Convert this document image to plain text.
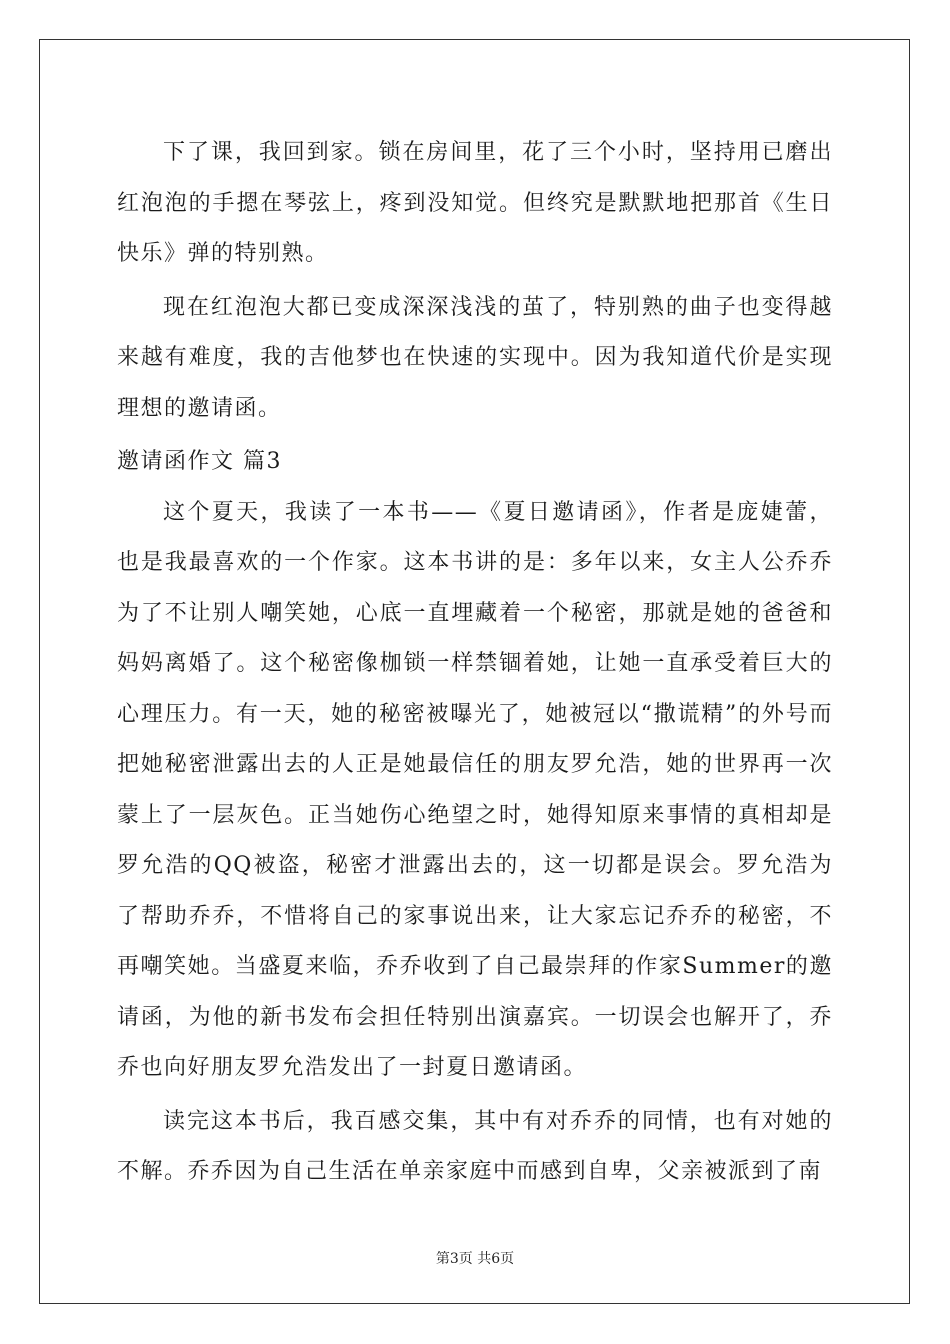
下了课，我回到家。锁在房间里，花了三个小时，坚持用已磨出红泡泡的手摁在琴弦上，疼到没知觉。但终究是默默地把那首《生日快乐》弹的特别熟。

现在红泡泡大都已变成深深浅浅的茧了，特别熟的曲子也变得越来越有难度，我的吉他梦也在快速的实现中。因为我知道代价是实现理想的邀请函。

邀请函作文 篇3

这个夏天，我读了一本书——《夏日邀请函》，作者是庞婕蕾，也是我最喜欢的一个作家。这本书讲的是：多年以来，女主人公乔乔为了不让别人嘲笑她，心底一直埋藏着一个秘密，那就是她的爸爸和妈妈离婚了。这个秘密像枷锁一样禁锢着她，让她一直承受着巨大的心理压力。有一天，她的秘密被曝光了，她被冠以“撒谎精”的外号而把她秘密泄露出去的人正是她最信任的朋友罗允浩，她的世界再一次蒙上了一层灰色。正当她伤心绝望之时，她得知原来事情的真相却是罗允浩的QQ被盗，秘密才泄露出去的，这一切都是误会。罗允浩为了帮助乔乔，不惜将自己的家事说出来，让大家忘记乔乔的秘密，不再嘲笑她。当盛夏来临，乔乔收到了自己最崇拜的作家Summer的邀请函，为他的新书发布会担任特别出演嘉宾。一切误会也解开了，乔乔也向好朋友罗允浩发出了一封夏日邀请函。

读完这本书后，我百感交集，其中有对乔乔的同情，也有对她的不解。乔乔因为自己生活在单亲家庭中而感到自卑，父亲被派到了南

第3页 共6页
